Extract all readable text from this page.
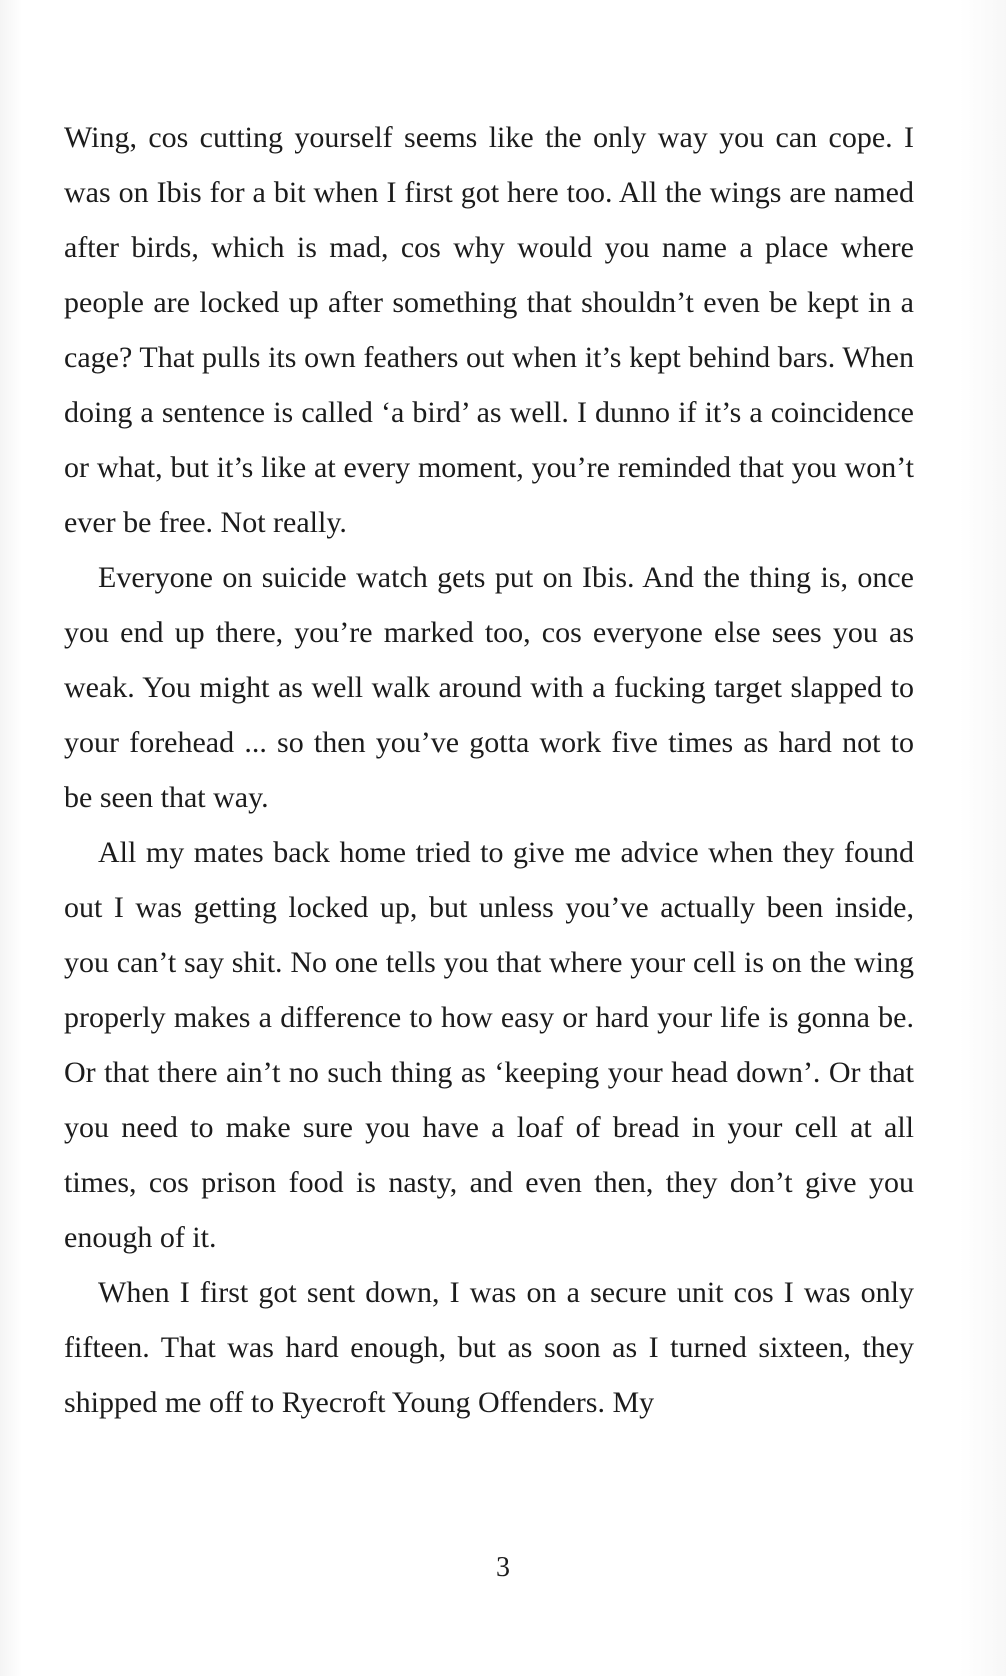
Wing, cos cutting yourself seems like the only way you can cope. I was on Ibis for a bit when I first got here too. All the wings are named after birds, which is mad, cos why would you name a place where people are locked up after something that shouldn’t even be kept in a cage? That pulls its own feathers out when it’s kept behind bars. When doing a sentence is called ‘a bird’ as well. I dunno if it’s a coincidence or what, but it’s like at every moment, you’re reminded that you won’t ever be free. Not really.

Everyone on suicide watch gets put on Ibis. And the thing is, once you end up there, you’re marked too, cos everyone else sees you as weak. You might as well walk around with a fucking target slapped to your forehead ... so then you’ve gotta work five times as hard not to be seen that way.

All my mates back home tried to give me advice when they found out I was getting locked up, but unless you’ve actually been inside, you can’t say shit. No one tells you that where your cell is on the wing properly makes a difference to how easy or hard your life is gonna be. Or that there ain’t no such thing as ‘keeping your head down’. Or that you need to make sure you have a loaf of bread in your cell at all times, cos prison food is nasty, and even then, they don’t give you enough of it.

When I first got sent down, I was on a secure unit cos I was only fifteen. That was hard enough, but as soon as I turned sixteen, they shipped me off to Ryecroft Young Offenders. My

3
